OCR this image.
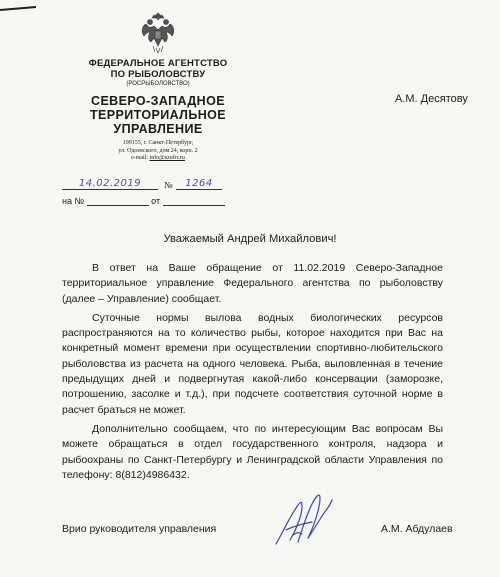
ФЕДЕРАЛЬНОЕ АГЕНТСТВО
ПО РЫБОЛОВСТВУ
(РОСРЫБОЛОВСТВО)
СЕВЕРО-ЗАПАДНОЕ
ТЕРРИТОРИАЛЬНОЕ
УПРАВЛЕНИЕ
199155, г. Санкт-Петербург,
ул. Одоевского, дом 24, корп. 2
e-mail: info@szufrr.ru
14.02.2019	№	1264
на №	от
А.М. Десятову
Уважаемый Андрей Михайлович!

В ответ на Ваше обращение от 11.02.2019 Северо-Западное территориальное управление Федерального агентства по рыболовству (далее – Управление) сообщает.

Суточные нормы вылова водных биологических ресурсов распространяются на то количество рыбы, которое находится при Вас на конкретный момент времени при осуществлении спортивно-любительского рыболовства из расчета на одного человека. Рыба, выловленная в течение предыдущих дней и подвергнутая какой-либо консервации (заморозке, потрошению, засолке и т.д.), при подсчете соответствия суточной норме в расчет браться не может.

Дополнительно сообщаем, что по интересующим Вас вопросам Вы можете обращаться в отдел государственного контроля, надзора и рыбоохраны по Санкт-Петербургу и Ленинградской области Управления по телефону: 8(812)4986432.

Врио руководителя управления	А.М. Абдулаев
